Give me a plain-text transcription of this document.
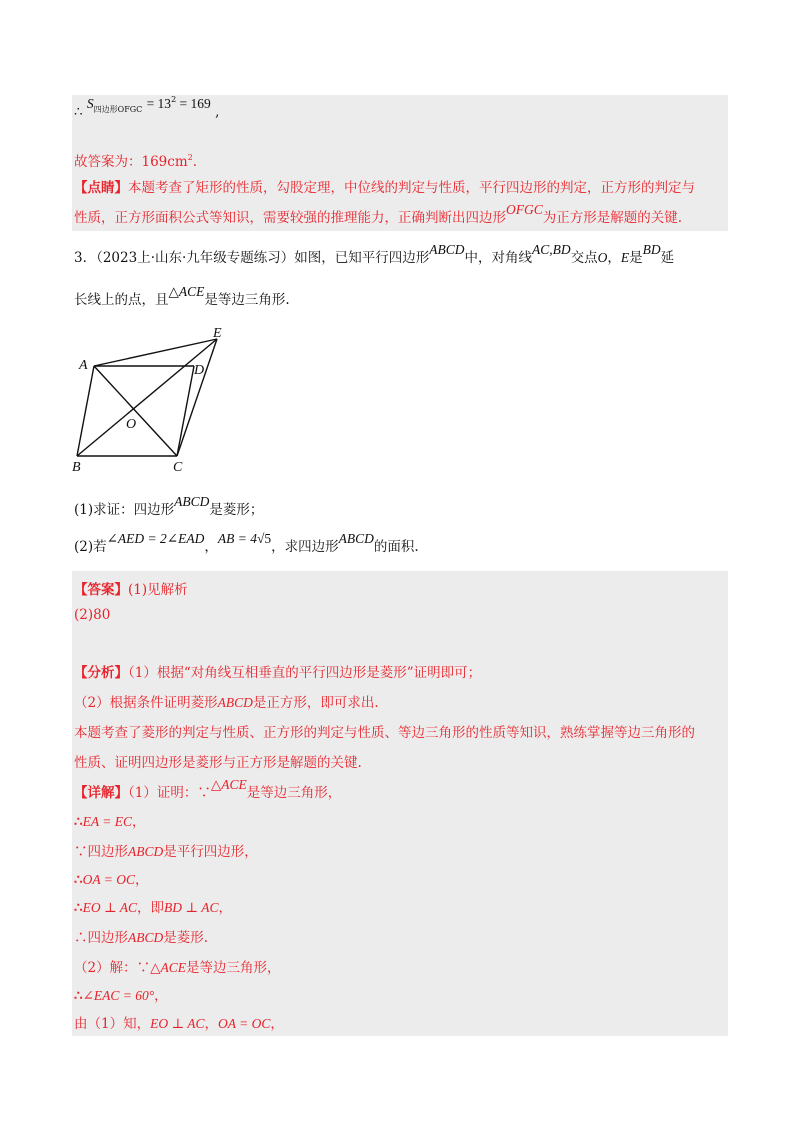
∴ $S_{四边形OFGC} = 13^2 = 169$ ,
故答案为：$169cm^2$.
【点睛】本题考查了矩形的性质，勾股定理，中位线的判定与性质，平行四边形的判定，正方形的判定与
性质，正方形面积公式等知识，需要较强的推理能力，正确判断出四边形OFGC为正方形是解题的关键.
3．（2023上·山东·九年级专题练习）如图，已知平行四边形ABCD中，对角线AC,BD交点O，E是BD延
长线上的点，且△ACE是等边三角形.
A
B	C
D
E
O
(1)求证：四边形ABCD是菱形；
(2)若∠AED = 2∠EAD，AB = 4√5，求四边形ABCD的面积.
【答案】(1)见解析
(2)80
【分析】（1）根据“对角线互相垂直的平行四边形是菱形”证明即可；
（2）根据条件证明菱形ABCD是正方形，即可求出.
本题考查了菱形的判定与性质、正方形的判定与性质、等边三角形的性质等知识，熟练掌握等边三角形的
性质、证明四边形是菱形与正方形是解题的关键.
【详解】（1）证明：∵△ACE是等边三角形，
∴EA = EC，
∵四边形ABCD是平行四边形，
∴OA = OC，
∴EO ⊥ AC，即BD ⊥ AC，
∴四边形ABCD是菱形.
（2）解：∵△ACE是等边三角形，
∴∠EAC = 60°，
由（1）知，EO ⊥ AC，OA = OC，
